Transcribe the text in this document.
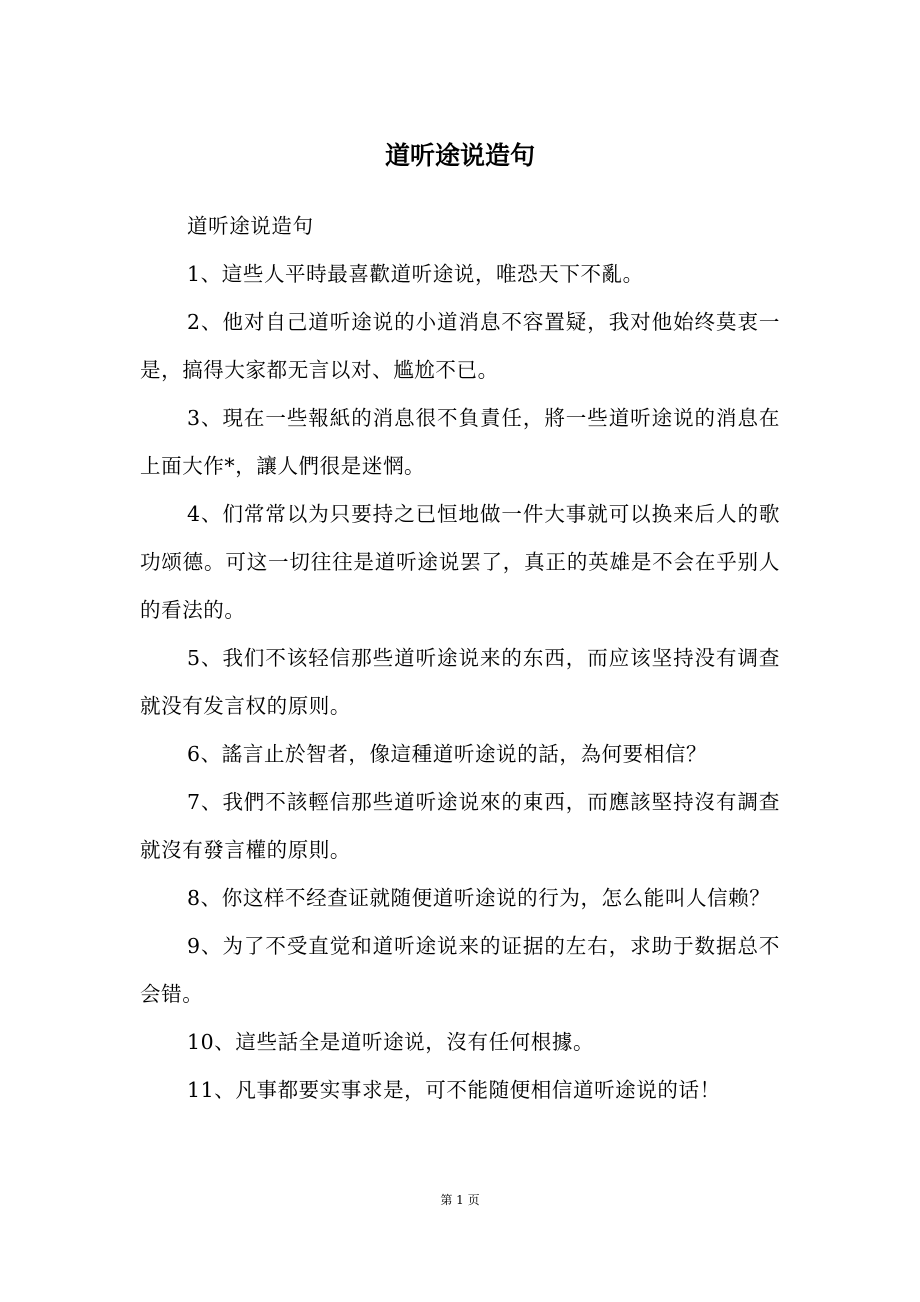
道听途说造句

道听途说造句

1、這些人平時最喜歡道听途说，唯恐天下不亂。

2、他对自己道听途说的小道消息不容置疑，我对他始终莫衷一是，搞得大家都无言以对、尴尬不已。

3、現在一些報紙的消息很不負責任，將一些道听途说的消息在上面大作*，讓人們很是迷惘。

4、们常常以为只要持之已恒地做一件大事就可以换来后人的歌功颂德。可这一切往往是道听途说罢了，真正的英雄是不会在乎别人的看法的。

5、我们不该轻信那些道听途说来的东西，而应该坚持没有调查就没有发言权的原则。

6、謠言止於智者，像這種道听途说的話，為何要相信？

7、我們不該輕信那些道听途说來的東西，而應該堅持沒有調查就沒有發言權的原則。

8、你这样不经查证就随便道听途说的行为，怎么能叫人信赖？

9、为了不受直觉和道听途说来的证据的左右，求助于数据总不会错。

10、這些話全是道听途说，沒有任何根據。

11、凡事都要实事求是，可不能随便相信道听途说的话！

第 1 页
